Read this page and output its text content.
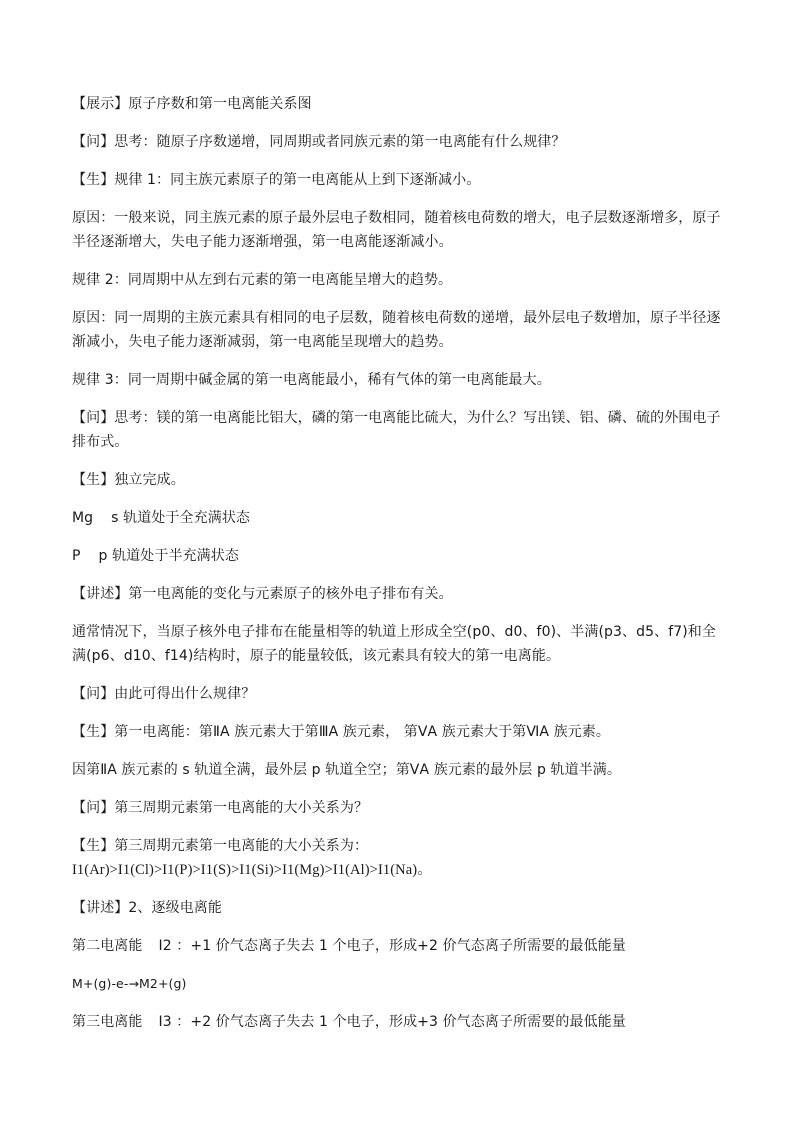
【展示】原子序数和第一电离能关系图

【问】思考：随原子序数递增，同周期或者同族元素的第一电离能有什么规律？

【生】规律 1：同主族元素原子的第一电离能从上到下逐渐减小。

原因：一般来说，同主族元素的原子最外层电子数相同，随着核电荷数的增大，电子层数逐渐增多，原子半径逐渐增大，失电子能力逐渐增强，第一电离能逐渐减小。

规律 2：同周期中从左到右元素的第一电离能呈增大的趋势。

原因：同一周期的主族元素具有相同的电子层数，随着核电荷数的递增，最外层电子数增加，原子半径逐渐减小，失电子能力逐渐减弱，第一电离能呈现增大的趋势。

规律 3：同一周期中碱金属的第一电离能最小，稀有气体的第一电离能最大。

【问】思考：镁的第一电离能比铝大，磷的第一电离能比硫大，为什么？写出镁、铝、磷、硫的外围电子排布式。

【生】独立完成。

Mg s 轨道处于全充满状态

P p 轨道处于半充满状态

【讲述】第一电离能的变化与元素原子的核外电子排布有关。

通常情况下，当原子核外电子排布在能量相等的轨道上形成全空(p0、d0、f0)、半满(p3、d5、f7)和全满(p6、d10、f14)结构时，原子的能量较低，该元素具有较大的第一电离能。

【问】由此可得出什么规律？

【生】第一电离能：第ⅡA 族元素大于第ⅢA 族元素， 第ⅤA 族元素大于第ⅥA 族元素。

因第ⅡA 族元素的 s 轨道全满，最外层 p 轨道全空；第ⅤA 族元素的最外层 p 轨道半满。

【问】第三周期元素第一电离能的大小关系为？

【生】第三周期元素第一电离能的大小关系为：I1(Ar)>I1(Cl)>I1(P)>I1(S)>I1(Si)>I1(Mg)>I1(Al)>I1(Na)。

【讲述】2、逐级电离能

第二电离能 Ⅰ2 ：+1 价气态离子失去 1 个电子，形成+2 价气态离子所需要的最低能量

M+(g)-e-→M2+(g)

第三电离能 Ⅰ3 ：+2 价气态离子失去 1 个电子，形成+3 价气态离子所需要的最低能量
